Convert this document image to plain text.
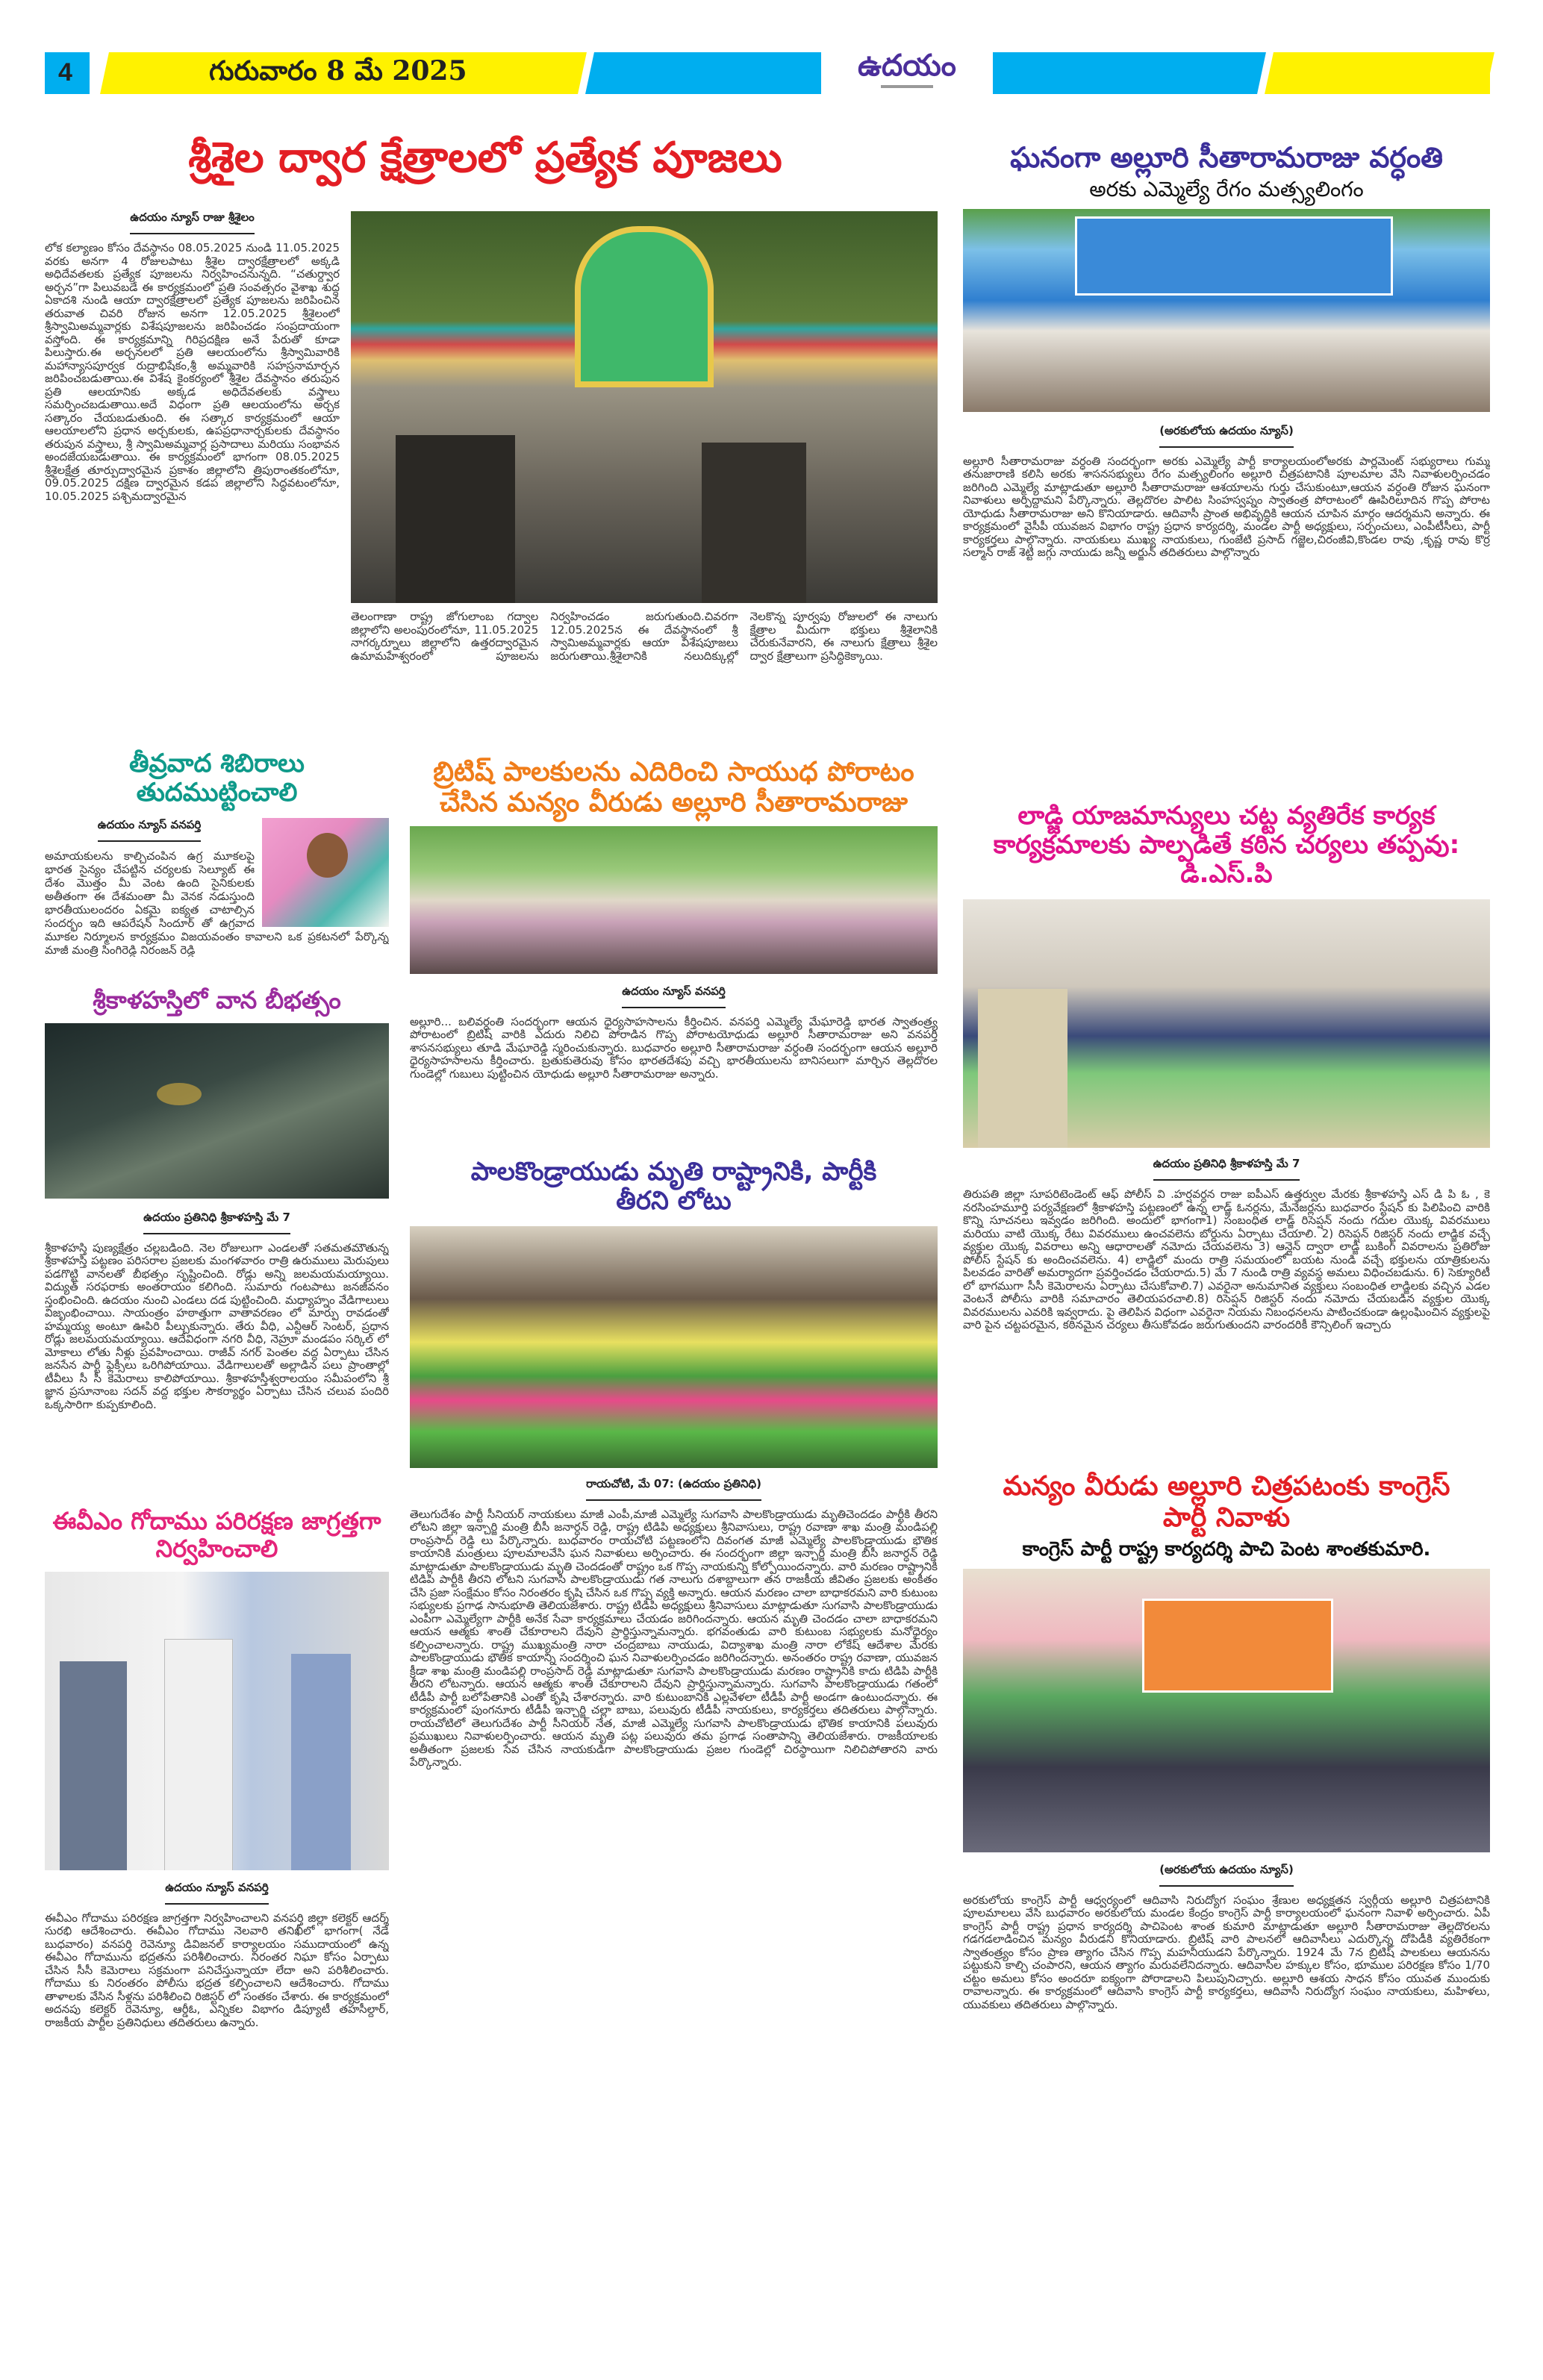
4	గురువారం 8 మే 2025	ఉదయం
శ్రీశైల ద్వార క్షేత్రాలలో ప్రత్యేక పూజలు
ఉదయం న్యూస్ రాజు శ్రీశైలం
లోక కల్యాణం కోసం దేవస్థానం 08.05.2025 నుండి 11.05.2025 వరకు అనగా 4 రోజులపాటు శ్రీశైల ద్వారక్షేత్రాలలో అక్కడి అధిదేవతలకు ప్రత్యేక పూజలను నిర్వహించనున్నది. “చతుర్ద్వార అర్చన”గా పిలువబడే ఈ కార్యక్రమంలో ప్రతి సంవత్సరం వైశాఖ శుద్ధ ఏకాదశి నుండి ఆయా ద్వారక్షేత్రాలలో ప్రత్యేక పూజలను జరిపించిన తరువాత చివరి రోజున అనగా 12.05.2025 శ్రీశైలంలో శ్రీస్వామిఅమ్మవార్లకు విశేషపూజలను జరిపించడం సంప్రదాయంగా వస్తోంది. ఈ కార్యక్రమాన్ని గిరిప్రదక్షిణ అనే పేరుతో కూడా పిలుస్తారు.ఈ అర్చనలలో ప్రతి ఆలయంలోను శ్రీస్వామివారికి మహాన్యాసపూర్వక రుద్రాభిషేకం,శ్రీ అమ్మవారికి సహస్రనామార్చన జరిపించబడుతాయి.ఈ విశేష కైంకర్యంలో శ్రీశైల దేవస్థానం తరుపున ప్రతి ఆలయానికు అక్కడ అధిదేవతలకు వస్త్రాలు సమర్పించబడుతాయి.అదే విధంగా ప్రతి ఆలయంలోను అర్చక సత్కారం చేయబడుతుంది. ఈ సత్కార కార్యక్రమంలో ఆయా ఆలయాలలోని ప్రధాన అర్చకులకు, ఉపప్రధానార్చకులకు దేవస్థానం తరుపున వస్త్రాలు, శ్రీ స్వామిఅమ్మవార్ల ప్రసాదాలు మరియు సంభావన అందజేయబడుతాయి. ఈ కార్యక్రమంలో భాగంగా 08.05.2025 శ్రీశైలక్షేత్ర తూర్పుద్వారమైన ప్రకాశం జిల్లాలోని త్రిపురాంతకంలోనూ, 09.05.2025 దక్షిణ ద్వారమైన కడప జిల్లాలోని సిద్ధవటంలోనూ, 10.05.2025 పశ్చిమద్వారమైన
తీవ్రవాద శిబిరాలు తుదముట్టించాలి
ఉదయం న్యూస్ వనపర్తి
అమాయకులను కాల్చిచంపిన ఉగ్ర మూకలపై భారత సైన్యం చేపట్టిన చర్యలకు సెల్యూట్ ఈ దేశం మొత్తం మీ వెంట ఉంది సైనికులకు అతీతంగా ఈ దేశమంతా మీ వెనక నడుస్తుంది భారతీయులందరం ఏకమై ఐక్యత చాటాల్సిన సందర్భం ఇది ఆపరేషన్ సిందూర్ తో ఉగ్రవాద మూకల నిర్మూలన కార్యక్రమం విజయవంతం కావాలని ఒక ప్రకటనలో పేర్కొన్న మాజీ మంత్రి సింగిరెడ్డి నిరంజన్ రెడ్డి
శ్రీకాళహస్తిలో వాన బీభత్సం
ఉదయం ప్రతినిధి శ్రీకాళహస్తి మే 7
శ్రీకాళహస్తి పుణ్యక్షేత్రం చల్లబడింది. నెల రోజులుగా ఎండలతో సతమతమౌతున్న శ్రీకాళహస్తి పట్టణం పరిసరాల ప్రజలకు మంగళవారం రాత్రి ఉరుములు మెరుపులు పడగొట్టి వానలతో బీభత్సం సృష్టించింది. రోడ్లు అన్ని జలమయమయ్యాయి. విద్యుత్ సరఫరాకు అంతరాయం కలిగింది. సుమారు గంటపాటు జనజీవనం స్తంభించింది. ఉదయం నుంచి ఎండలు దడ పుట్టించింది. మధ్యాహ్నం వేడిగాలులు విజృంభించాయి. సాయంత్రం హఠాత్తుగా వాతావరణం లో మార్పు రావడంతో హమ్మయ్య అంటూ ఊపిరి పీల్చుకున్నారు. తేరు వీధి, ఎన్టీఆర్ సెంటర్, ప్రధాన రోడ్లు జలమయమయ్యాయి. ఆదేవిధంగా నగరి వీధి, నెహ్రూ మండపం సర్కిల్ లో మోకాలు లోతు నీళ్లు ప్రవహించాయి. రాజీవ్ నగర్ పెంతల వద్ద ఏర్పాటు చేసిన జనసేన పార్టీ ఫ్లెక్సీలు ఒరిగిపోయాయి. వేడిగాలులతో అల్లాడిన పలు ప్రాంతాల్లో టీవీలు సీ సీ కెమెరాలు కాలిపోయాయి. శ్రీకాళహస్తీశ్వరాలయం సమీపంలోని శ్రీ జ్ఞాన ప్రసూనాంబ సదన్ వద్ద భక్తుల సౌకర్యార్థం ఏర్పాటు చేసిన చలువ పందిరి ఒక్కసారిగా కుప్పకూలింది.
ఈవీఎం గోదాము పరిరక్షణ జాగ్రత్తగా నిర్వహించాలి
ఉదయం న్యూస్ వనపర్తి
ఈవీఎం గోదాము పరిరక్షణ జాగ్రత్తగా నిర్వహించాలని వనపర్తి జిల్లా కలెక్టర్ ఆదర్శ్ సురభి ఆదేశించారు. ఈవీఎం గోదాము నెలవారి తనిఖీలో భాగంగా( నేడే బుధవారం) వనపర్తి రెవెన్యూ డివిజనల్ కార్యాలయం సముదాయంలో ఉన్న ఈవీఎం గోదామును భద్రతను పరిశీలించారు. నిరంతర నిఘా కోసం ఏర్పాటు చేసిన సీసీ కెమెరాలు సక్రమంగా పనిచేస్తున్నాయా లేదా అని పరిశీలించారు. గోదాము కు నిరంతరం పోలీసు భద్రత కల్పించాలని ఆదేశించారు. గోదాము తాళాలకు వేసిన సీళ్లను పరిశీలించి రిజిస్టర్ లో సంతకం చేశారు. ఈ కార్యక్రమంలో అదనపు కలెక్టర్ రెవెన్యూ, ఆర్డీఓ, ఎన్నికల విభాగం డిప్యూటీ తహసీల్దార్, రాజకీయ పార్టీల ప్రతినిధులు తదితరులు ఉన్నారు.
తెలంగాణా రాష్ట్ర జోగులాంబ గద్వాల జిల్లాలోని అలంపురంలోనూ, 11.05.2025 నాగర్కర్నూలు జిల్లాలోని ఉత్తరద్వారమైన ఉమామహేశ్వరంలో పూజలను నిర్వహించడం జరుగుతుంది.చివరగా 12.05.2025న ఈ దేవస్థానంలో శ్రీ స్వామిఅమ్మవార్లకు ఆయా విశేషపూజలు జరుగుతాయి.శ్రీశైలానికి నలుదిక్కుల్లో నెలకొన్న పూర్వపు రోజులలో ఈ నాలుగు క్షేత్రాల మీదుగా భక్తులు శ్రీశైలానికి చేరుకునేవారని, ఈ నాలుగు క్షేత్రాలు శ్రీశైల ద్వార క్షేత్రాలుగా ప్రసిద్ధికెక్కాయి.
బ్రిటిష్ పాలకులను ఎదిరించి సాయుధ పోరాటం చేసిన మన్యం వీరుడు అల్లూరి సీతారామరాజు
ఉదయం న్యూస్ వనపర్తి
అల్లూరి... బలివర్ధంతి సందర్భంగా ఆయన ధైర్యసాహసాలను కీర్తించిన. వనపర్తి ఎమ్మెల్యే మేఘారెడ్డి భారత స్వాతంత్ర్య పోరాటంలో బ్రిటిష్ వారికి ఎదురు నిలిచి పోరాడిన గొప్ప పోరాటయోధుడు అల్లూరి సీతారామరాజు అని వనపర్తి శాసనసభ్యులు తూడి మేఘారెడ్డి స్మరించుకున్నారు. బుధవారం అల్లూరి సీతారామరాజు వర్ధంతి సందర్భంగా ఆయన అల్లూరి ధైర్యసాహసాలను కీర్తించారు. బ్రతుకుతెరువు కోసం భారతదేశపు వచ్చి భారతీయులను బానిసలుగా మార్చిన తెల్లదొరల గుండెల్లో గుబులు పుట్టించిన యోధుడు అల్లూరి సీతారామరాజు అన్నారు.
పాలకొండ్రాయుడు మృతి రాష్ట్రానికి, పార్టీకి తీరని లోటు
రాయచోటి, మే 07: (ఉదయం ప్రతినిధి)
తెలుగుదేశం పార్టీ సీనియర్ నాయకులు మాజీ ఎంపీ,మాజీ ఎమ్మెల్యే సుగవాసి పాలకొండ్రాయుడు మృతిచెందడం పార్టీకి తీరని లోటని జిల్లా ఇన్చార్జి మంత్రి బీసీ జనార్ధన్ రెడ్డి, రాష్ట్ర టిడిపి అధ్యక్షులు శ్రీనివాసులు, రాష్ట్ర రవాణా శాఖ మంత్రి మండిపల్లి రాంప్రసాద్ రెడ్డి లు పేర్కొన్నారు. బుధవారం రాయచోటి పట్టణంలోని దివంగత మాజీ ఎమ్మెల్యే పాలకొండ్రాయుడు భౌతిక కాయానికి మంత్రులు పూలమాలవేసి ఘన నివాళులు అర్పించారు. ఈ సందర్భంగా జిల్లా ఇన్చార్జి మంత్రి బీసీ జనార్ధన్ రెడ్డి మాట్లాడుతూ పాలకొండ్రాయుడు మృతి చెందడంతో రాష్ట్రం ఒక గొప్ప నాయకున్ని కోల్పోయిందన్నారు. వారి మరణం రాష్ట్రానికి టిడిపి పార్టీకి తీరని లోటని సుగవాసి పాలకొండ్రాయుడు గత నాలుగు దశాబ్దాలుగా తన రాజకీయ జీవితం ప్రజలకు అంకితం చేసి ప్రజా సంక్షేమం కోసం నిరంతరం కృషి చేసిన ఒక గొప్ప వ్యక్తి అన్నారు. ఆయన మరణం చాలా బాధాకరమని వారి కుటుంబ సభ్యులకు ప్రగాఢ సానుభూతి తెలియజేశారు. రాష్ట్ర టిడిపి అధ్యక్షులు శ్రీనివాసులు మాట్లాడుతూ సుగవాసి పాలకొండ్రాయుడు ఎంపీగా ఎమ్మెల్యేగా పార్టీకి అనేక సేవా కార్యక్రమాలు చేయడం జరిగిందన్నారు. ఆయన మృతి చెందడం చాలా బాధాకరమని ఆయన ఆత్మకు శాంతి చేకూరాలని దేవుని ప్రార్థిస్తున్నామన్నారు. భగవంతుడు వారి కుటుంబ సభ్యులకు మనోధైర్యం కల్పించాలన్నారు. రాష్ట్ర ముఖ్యమంత్రి నారా చంద్రబాబు నాయుడు, విద్యాశాఖ మంత్రి నారా లోకేష్ ఆదేశాల మేరకు పాలకొండ్రాయుడు భౌతిక కాయాన్ని సందర్శించి ఘన నివాళులర్పించడం జరిగిందన్నారు. అనంతరం రాష్ట్ర రవాణా, యువజన క్రీడా శాఖ మంత్రి మండిపల్లి రాంప్రసాద్ రెడ్డి మాట్లాడుతూ సుగవాసి పాలకొండ్రాయుడు మరణం రాష్ట్రానికి కాదు టిడిపి పార్టీకి తీరని లోటన్నారు. ఆయన ఆత్మకు శాంతి చేకూరాలని దేవుని ప్రార్థిస్తున్నామన్నారు. సుగవాసి పాలకొండ్రాయుడు గతంలో టీడీపీ పార్టీ బలోపేతానికి ఎంతో కృషి చేశారన్నారు. వారి కుటుంబానికి ఎల్లవేళలా టీడీపీ పార్టీ అండగా ఉంటుందన్నారు. ఈ కార్యక్రమంలో పుంగనూరు టీడీపీ ఇన్చార్జి చల్లా బాబు, పలువురు టీడీపీ నాయకులు, కార్యకర్తలు తదితరులు పాల్గొన్నారు. రాయచోటిలో తెలుగుదేశం పార్టీ సీనియర్ నేత, మాజీ ఎమ్మెల్యే సుగవాసి పాలకొండ్రాయుడు భౌతిక కాయానికి పలువురు ప్రముఖులు నివాళులర్పించారు. ఆయన మృతి పట్ల పలువురు తమ ప్రగాఢ సంతాపాన్ని తెలియజేశారు. రాజకీయాలకు అతీతంగా ప్రజలకు సేవ చేసిన నాయకుడిగా పాలకొండ్రాయుడు ప్రజల గుండెల్లో చిరస్థాయిగా నిలిచిపోతారని వారు పేర్కొన్నారు.
ఘనంగా అల్లూరి సీతారామరాజు వర్ధంతి
అరకు ఎమ్మెల్యే రేగం మత్స్యలింగం
(అరకులోయ ఉదయం న్యూస్)
అల్లూరి సీతారామరాజు వర్ధంతి సందర్భంగా అరకు ఎమ్మెల్యే పార్టీ కార్యాలయంలోఅరకు పార్లమెంట్ సభ్యురాలు గుమ్మ తనుజారాణి కలిసి అరకు శాసనసభ్యులు రేగం మత్స్యలింగం అల్లూరి చిత్రపటానికి పూలమాల వేసి నివాళులర్పించడం జరిగింది ఎమ్మెల్యే మాట్లాడుతూ అల్లూరి సీతారామరాజు ఆశయాలను గుర్తు చేసుకుంటూ,ఆయన వర్ధంతి రోజున ఘనంగా నివాళులు అర్పిద్దామని పేర్కొన్నారు. తెల్లదొరల పాలిట సింహస్వప్నం స్వాతంత్ర పోరాటంలో ఊపిరిలూదిన గొప్ప పోరాట యోధుడు సీతారామరాజు అని కొనియాడారు. ఆదివాసీ ప్రాంత అభివృద్ధికి ఆయన చూపిన మార్గం ఆదర్శమని అన్నారు. ఈ కార్యక్రమంలో వైసీపీ యువజన విభాగం రాష్ట్ర ప్రధాన కార్యదర్శి, మండల పార్టీ అధ్యక్షులు, సర్పంచులు, ఎంపీటీసీలు, పార్టీ కార్యకర్తలు పాల్గొన్నారు. నాయకులు ముఖ్య నాయకులు, గుంజేటి ప్రసాద్ గజ్జెల,చిరంజీవి,కొండల రావు ,కృష్ణ రావు కొర్ర సల్మాన్ రాజ్ శెట్టి జగ్గు నాయుడు జన్నీ అర్జున్ తదితరులు పాల్గొన్నారు
లాడ్జి యాజమాన్యులు చట్ట వ్యతిరేక కార్యక కార్యక్రమాలకు పాల్పడితే కఠిన చర్యలు తప్పవు: డి.ఎస్.పి
ఉదయం ప్రతినిధి శ్రీకాళహస్తి మే 7
తిరుపతి జిల్లా సూపరిటెండెంట్ ఆఫ్ పోలీస్ వి .హర్షవర్ధన రాజు ఐపీఎస్ ఉత్తర్వుల మేరకు శ్రీకాళహస్తి ఎస్ డి పి ఓ , కె నరసింహమూర్తి పర్యవేక్షణలో శ్రీకాళహస్తి పట్టణంలో ఉన్న లాడ్జ్ ఓనర్లను, మేనేజర్లను బుధవారం స్టేషన్ కు పిలిపించి వారికి కొన్ని సూచనలు ఇవ్వడం జరిగింది. అందులో భాగంగా1) సంబంధిత లాడ్జ్ రిసెప్షన్ నందు గదుల యొక్క వివరములు మరియు వాటి యొక్క రేటు వివరములు ఉంచవలెను బోర్డును ఏర్పాటు చేయాలి. 2) రిసెప్షన్ రిజిస్టర్ నందు లాడ్జిక వచ్చే వ్యక్తుల యొక్క వివరాలు అన్ని ఆధారాలతో నమోదు చేయవలెను 3) ఆన్లైన్ ద్వారా లాడ్జి బుకింగ్ వివరాలను ప్రతిరోజు పోలీస్ స్టేషన్ కు అందించవలెను. 4) లాడ్జిలో మందు రాత్రి సమయంలో బయట నుండి వచ్చే భక్తులను యాత్రికులను పిలవడం వారితో అమర్యాదగా ప్రవర్తించడం చేయరాదు.5) మే 7 నుండి రాత్రి వ్యవస్థ అమలు విధించబడును. 6) సెక్యూరిటీ లో భాగముగా సీసీ కెమెరాలను ఏర్పాటు చేసుకోవాలి.7) ఎవరైనా అనుమానిత వ్యక్తులు సంబంధిత లాడ్జిలకు వచ్చిన ఎడల వెంటనే పోలీసు వారికి సమాచారం తెలియపరచాలి.8) రిసెప్షన్ రిజిస్టర్ నందు నమోదు చేయబడిన వ్యక్తుల యొక్క వివరములను ఎవరికి ఇవ్వరాదు. పై తెలిపిన విధంగా ఎవరైనా నియమ నిబంధనలను పాటించకుండా ఉల్లంఘించిన వ్యక్తులపై వారి పైన చట్టపరమైన, కఠినమైన చర్యలు తీసుకోవడం జరుగుతుందని వారందరికీ కౌన్సిలింగ్ ఇచ్చారు
మన్యం వీరుడు అల్లూరి చిత్రపటంకు కాంగ్రెస్ పార్టీ నివాళు
కాంగ్రెస్ పార్టీ రాష్ట్ర కార్యదర్శి పాచి పెంట శాంతకుమారి.
(అరకులోయ ఉదయం న్యూస్)
అరకులోయ కాంగ్రెస్ పార్టీ ఆధ్వర్యంలో ఆదివాసి నిరుద్యోగ సంఘం శ్రేణుల అధ్యక్షతన స్వర్గీయ అల్లూరి చిత్రపటానికి పూలమాలలు వేసి బుధవారం అరకులోయ మండల కేంద్రం కాంగ్రెస్ పార్టీ కార్యాలయంలో ఘనంగా నివాళి అర్పించారు. ఏపీ కాంగ్రెస్ పార్టీ రాష్ట్ర ప్రధాన కార్యదర్శి పాచిపెంట శాంత కుమారి మాట్లాడుతూ అల్లూరి సీతారామరాజు తెల్లదొరలను గడగడలాడించిన మన్యం వీరుడని కొనియాడారు. బ్రిటిష్ వారి పాలనలో ఆదివాసీలు ఎదుర్కొన్న దోపిడీకి వ్యతిరేకంగా స్వాతంత్ర్యం కోసం ప్రాణ త్యాగం చేసిన గొప్ప మహనీయుడని పేర్కొన్నారు. 1924 మే 7న బ్రిటిష్ పాలకులు ఆయనను పట్టుకుని కాల్చి చంపారని, ఆయన త్యాగం మరువలేనిదన్నారు. ఆదివాసీల హక్కుల కోసం, భూముల పరిరక్షణ కోసం 1/70 చట్టం అమలు కోసం అందరూ ఐక్యంగా పోరాడాలని పిలుపునిచ్చారు. అల్లూరి ఆశయ సాధన కోసం యువత ముందుకు రావాలన్నారు. ఈ కార్యక్రమంలో ఆదివాసి కాంగ్రెస్ పార్టీ కార్యకర్తలు, ఆదివాసీ నిరుద్యోగ సంఘం నాయకులు, మహిళలు, యువకులు తదితరులు పాల్గొన్నారు.
